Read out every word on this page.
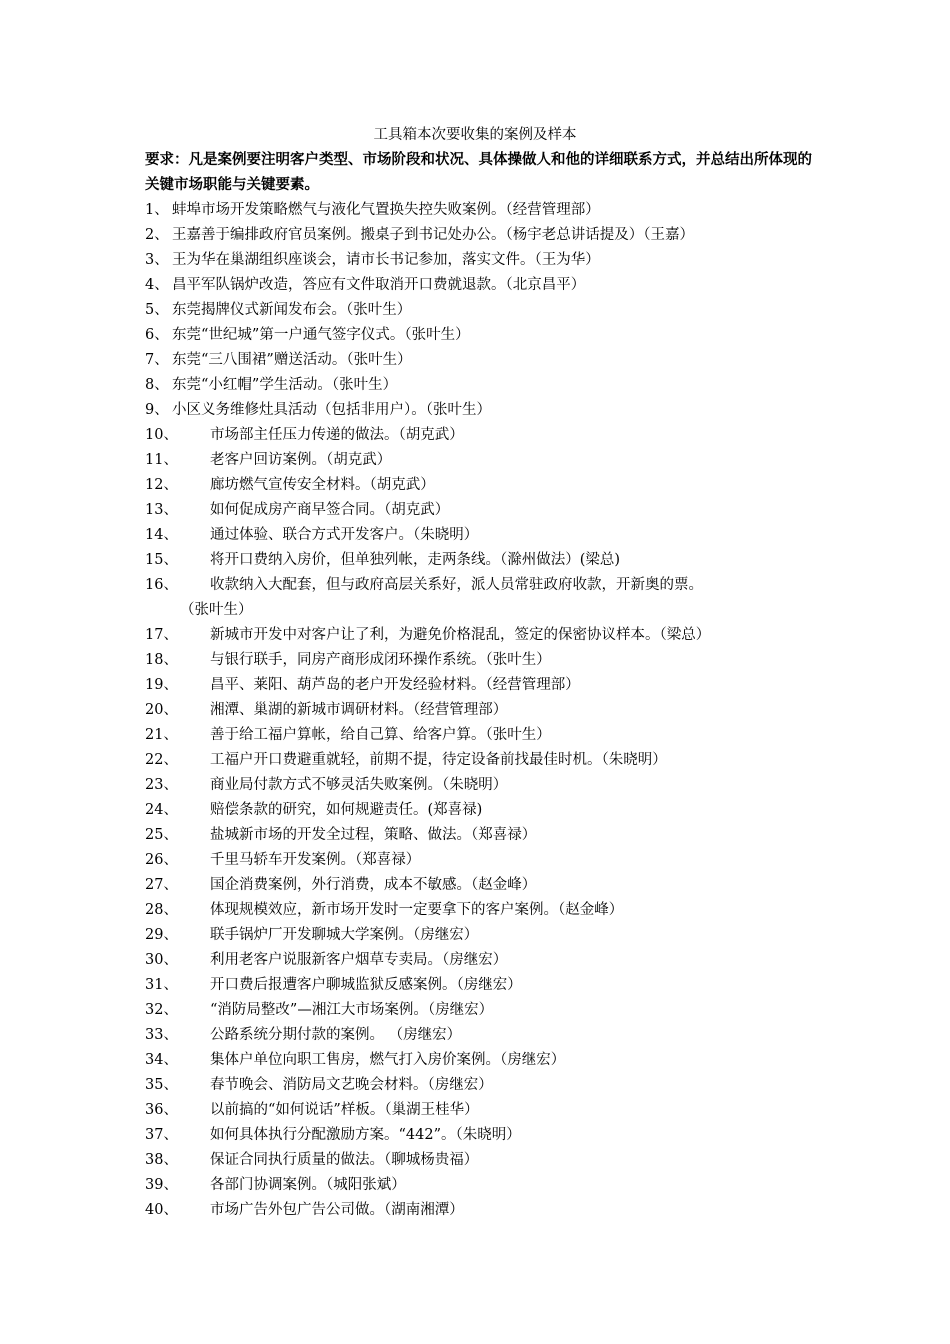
工具箱本次要收集的案例及样本
要求：凡是案例要注明客户类型、市场阶段和状况、具体操做人和他的详细联系方式，并总结出所体现的关键市场职能与关键要素。
1、 蚌埠市场开发策略燃气与液化气置换失控失败案例。（经营管理部）
2、 王嘉善于编排政府官员案例。搬桌子到书记处办公。（杨宇老总讲话提及）（王嘉）
3、 王为华在巢湖组织座谈会，请市长书记参加，落实文件。（王为华）
4、 昌平军队锅炉改造，答应有文件取消开口费就退款。（北京昌平）
5、 东莞揭牌仪式新闻发布会。（张叶生）
6、 东莞“世纪城”第一户通气签字仪式。（张叶生）
7、 东莞“三八围裙”赠送活动。（张叶生）
8、 东莞“小红帽”学生活动。（张叶生）
9、 小区义务维修灶具活动（包括非用户）。（张叶生）
10、 市场部主任压力传递的做法。（胡克武）
11、 老客户回访案例。（胡克武）
12、 廊坊燃气宣传安全材料。（胡克武）
13、 如何促成房产商早签合同。（胡克武）
14、 通过体验、联合方式开发客户。（朱晓明）
15、 将开口费纳入房价，但单独列帐，走两条线。（滁州做法）(梁总)
16、 收款纳入大配套，但与政府高层关系好，派人员常驻政府收款，开新奥的票。
（张叶生）
17、 新城市开发中对客户让了利，为避免价格混乱，签定的保密协议样本。（梁总）
18、 与银行联手，同房产商形成闭环操作系统。（张叶生）
19、 昌平、莱阳、葫芦岛的老户开发经验材料。（经营管理部）
20、 湘潭、巢湖的新城市调研材料。（经营管理部）
21、 善于给工福户算帐，给自己算、给客户算。（张叶生）
22、 工福户开口费避重就轻，前期不提，待定设备前找最佳时机。（朱晓明）
23、 商业局付款方式不够灵活失败案例。（朱晓明）
24、 赔偿条款的研究，如何规避责任。(郑喜禄)
25、 盐城新市场的开发全过程，策略、做法。（郑喜禄）
26、 千里马轿车开发案例。（郑喜禄）
27、 国企消费案例，外行消费，成本不敏感。（赵金峰）
28、 体现规模效应，新市场开发时一定要拿下的客户案例。（赵金峰）
29、 联手锅炉厂开发聊城大学案例。（房继宏）
30、 利用老客户说服新客户烟草专卖局。（房继宏）
31、 开口费后报遭客户聊城监狱反感案例。（房继宏）
32、 “消防局整改”—湘江大市场案例。（房继宏）
33、 公路系统分期付款的案例。 （房继宏）
34、 集体户单位向职工售房，燃气打入房价案例。（房继宏）
35、 春节晚会、消防局文艺晚会材料。（房继宏）
36、 以前搞的“如何说话”样板。（巢湖王桂华）
37、 如何具体执行分配激励方案。“442”。（朱晓明）
38、 保证合同执行质量的做法。（聊城杨贵福）
39、 各部门协调案例。（城阳张斌）
40、 市场广告外包广告公司做。（湖南湘潭）
